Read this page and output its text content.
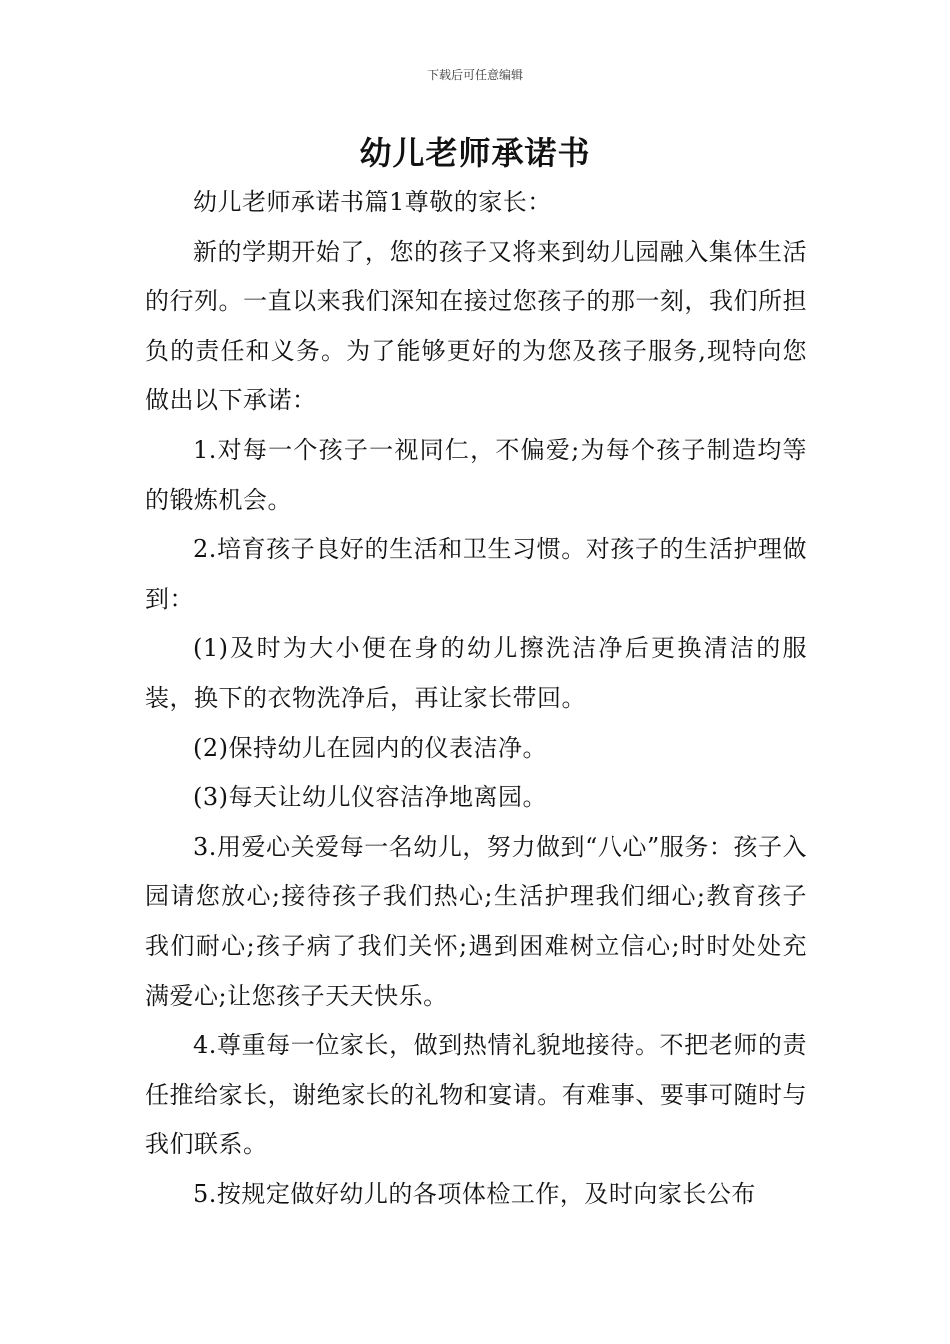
下载后可任意编辑
幼儿老师承诺书

幼儿老师承诺书篇1尊敬的家长：

新的学期开始了，您的孩子又将来到幼儿园融入集体生活的行列。一直以来我们深知在接过您孩子的那一刻，我们所担负的责任和义务。为了能够更好的为您及孩子服务,现特向您做出以下承诺：

1.对每一个孩子一视同仁，不偏爱;为每个孩子制造均等的锻炼机会。

2.培育孩子良好的生活和卫生习惯。对孩子的生活护理做到：

(1)及时为大小便在身的幼儿擦洗洁净后更换清洁的服装，换下的衣物洗净后，再让家长带回。

(2)保持幼儿在园内的仪表洁净。

(3)每天让幼儿仪容洁净地离园。

3.用爱心关爱每一名幼儿，努力做到“八心”服务：孩子入园请您放心;接待孩子我们热心;生活护理我们细心;教育孩子我们耐心;孩子病了我们关怀;遇到困难树立信心;时时处处充满爱心;让您孩子天天快乐。

4.尊重每一位家长，做到热情礼貌地接待。不把老师的责任推给家长，谢绝家长的礼物和宴请。有难事、要事可随时与我们联系。

5.按规定做好幼儿的各项体检工作，及时向家长公布
